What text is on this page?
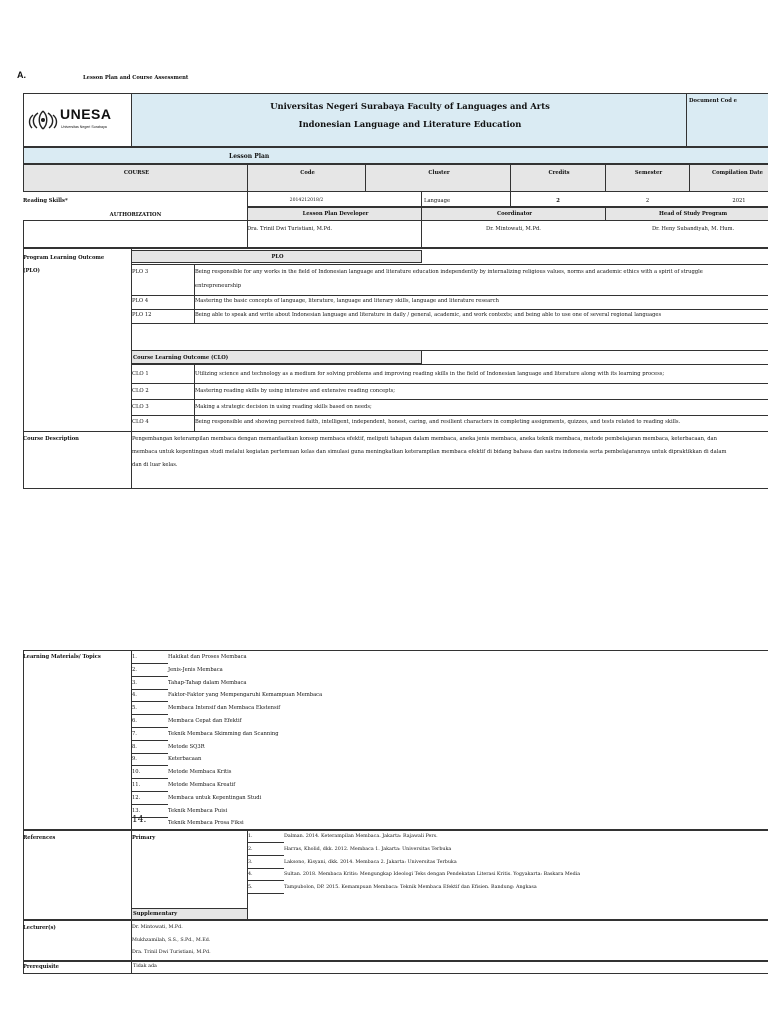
A.	Lesson Plan and Course Assessment
UNESA
Universitas Negeri Surabaya
Universitas Negeri Surabaya Faculty of Languages and Arts
Indonesian Language and Literature Education
Document Cod e
Lesson Plan
COURSE	Code	Cluster	Credits	Semester	Compilation Date
Reading Skills*	2014212018/2	Language	2	2	2021
AUTHORIZATION	Lesson Plan Developer	Coordinator	Head of Study Program
Dra. Trinil Dwi Turistiani, M.Pd.	Dr. Mintowati, M.Pd.	Dr. Heny Subandiyah, M. Hum.
Program Learning Outcome
(PLO)
PLO
PLO 3	Being responsible for any works in the field of Indonesian language and literature education independently by internalizing religious values, norms and academic ethics with a spirit of struggle
entrepreneurship
PLO 4	Mastering the basic concepts of language, literature, language and literary skills, language and literature research
PLO 12	Being able to speak and write about Indonesian language and literature in daily / general, academic, and work contexts; and being able to use one of several regional languages
Course Learning Outcome (CLO)
CLO 1	Utilizing science and technology as a medium for solving problems and improving reading skills in the field of Indonesian language and literature along with its learning process;
CLO 2	Mastering reading skills by using intensive and extensive reading concepts;
CLO 3	Making a strategic decision in using reading skills based on needs;
CLO 4	Being responsible and showing perceived faith, intelligent, independent, honest, caring, and resilient characters in completing assignments, quizzes, and tests related to reading skills.
Course Description	Pengembangan keterampilan membaca dengan memanfaatkan konsep membaca efektif, meliputi tahapan dalam membaca, aneka jenis membaca, aneka teknik membaca, metode pembelajaran membaca, keterbacaan, dan
membaca untuk kepentingan studi melalui kegiatan pertemuan kelas dan simulasi guna meningkatkan keterampilan membaca efektif di bidang bahasa dan sastra indonesia serta pembelajarannya untuk dipraktikkan di dalam
dan di luar kelas.
Learning Materials/ Topics	1.	Hakikat dan Proses Membaca
2.	Jenis-Jenis Membaca
3.	Tahap-Tahap dalam Membaca
4.	Faktor-Faktor yang Mempengaruhi Kemampuan Membaca
5.	Membaca Intensif dan Membaca Ekstensif
6.	Membaca Cepat dan Efektif
7.	Teknik Membaca Skimming dan Scanning
8.	Metode SQ3R
9.	Keterbacaan
10.	Metode Membaca Kritis
11.	Metode Membaca Kreatif
12.	Membaca untuk Kepentingan Studi
13.	Teknik Membaca Puisi
14.	Teknik Membaca Prosa Fiksi
References	Primary	1.	Dalman. 2014. Keterampilan Membaca. Jakarta: Rajawali Pers.
2.	Harras, Kholid, dkk. 2012. Membaca 1. Jakarta: Universitas Terbuka
3.	Laksono, Kisyani, dkk. 2014. Membaca 2. Jakarta: Universitas Terbuka
4.	Sultan. 2018. Membaca Kritis: Mengungkap Ideologi Teks dengan Pendekatan Literasi Kritis. Yogyakarta: Baskara Media
5.	Tampubolon, DP. 2015. Kemampuan Membaca: Teknik Membaca Efektif dan Efisien. Bandung: Angkasa
Supplementary
Lecturer(s)	Dr. Mintowati, M.Pd.
Mukhzamilah, S.S., S.Pd., M.Ed.
Dra. Trinil Dwi Turistiani, M.Pd.
Prerequisite	Tidak ada
